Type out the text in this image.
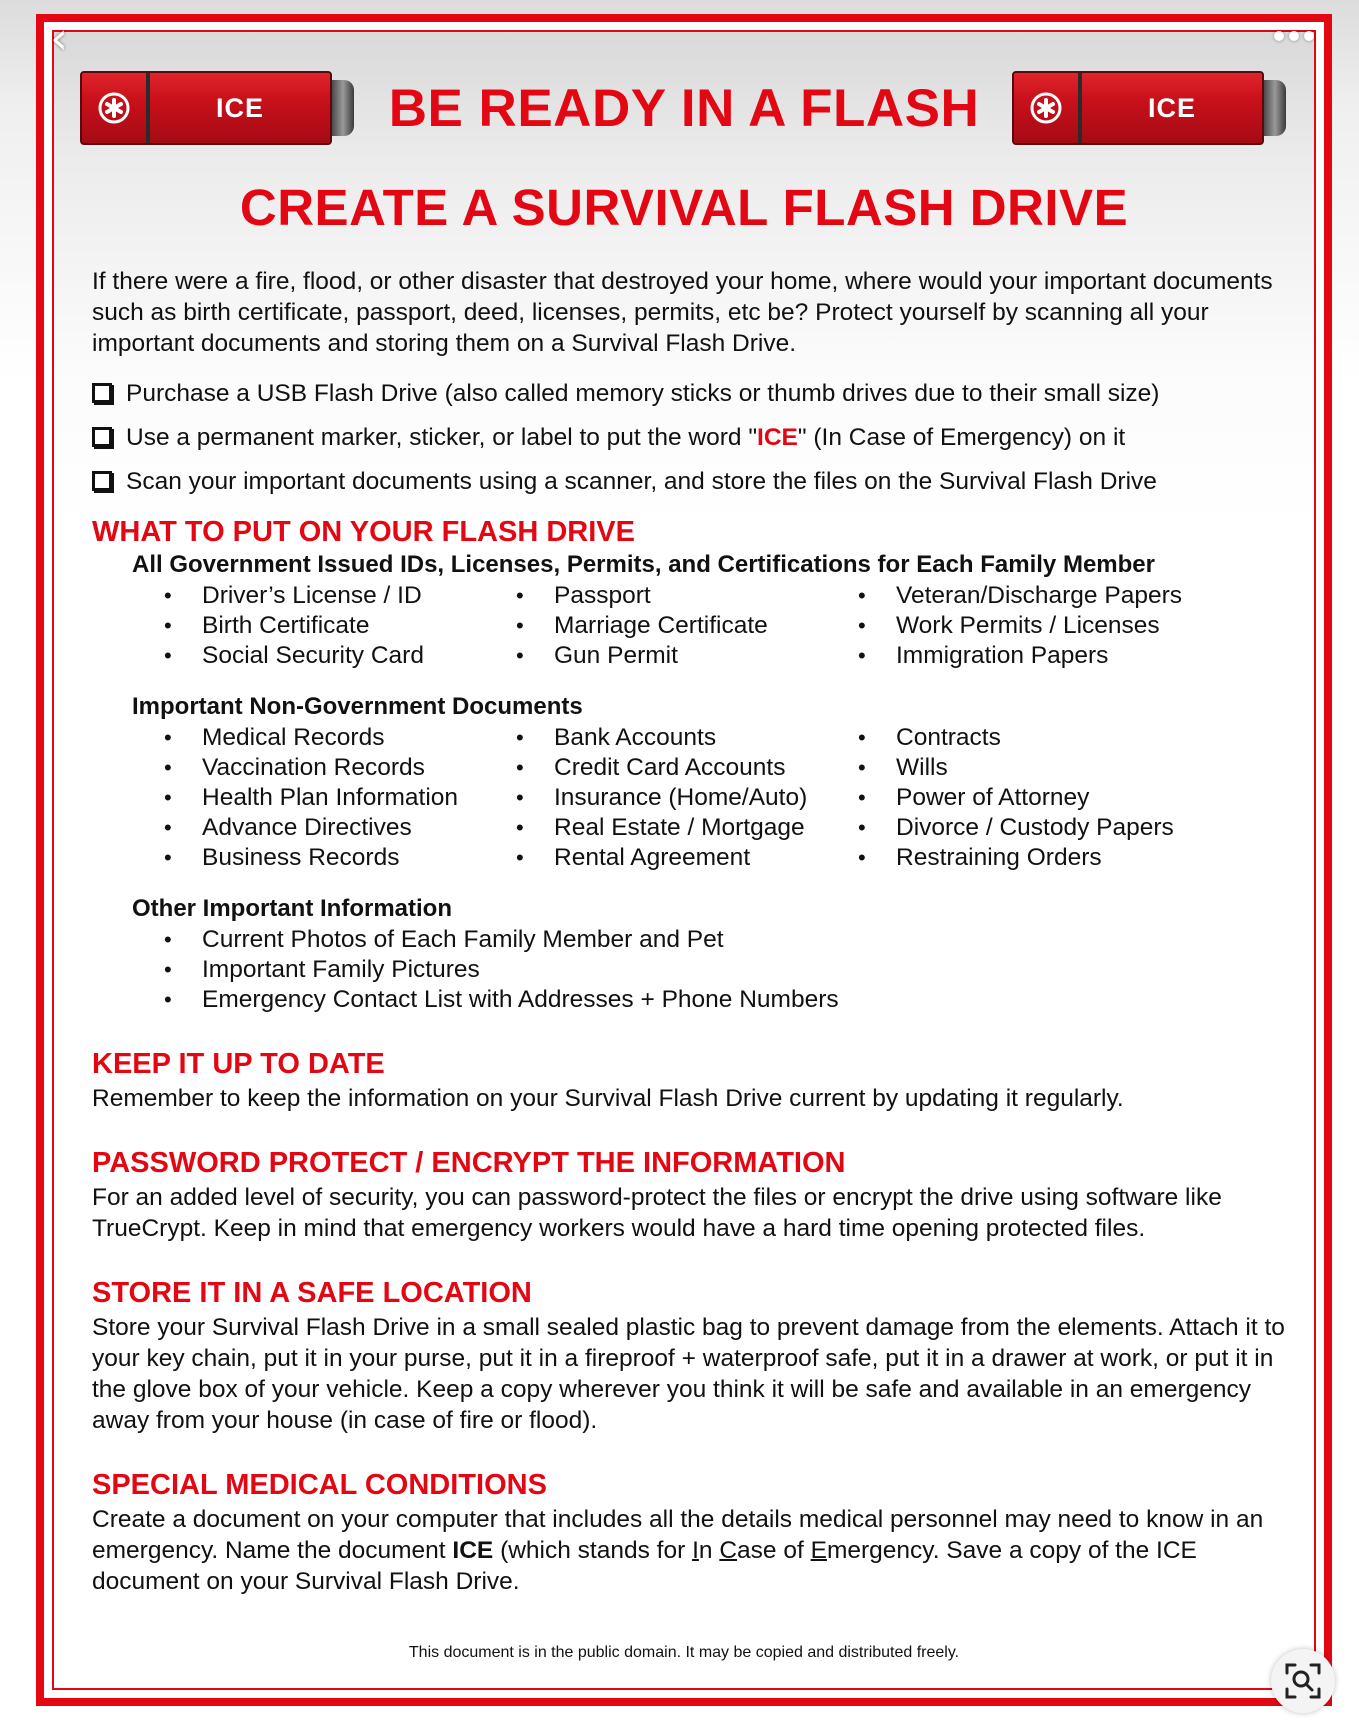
ICE	BE READY IN A FLASH	ICE
CREATE A SURVIVAL FLASH DRIVE

If there were a fire, flood, or other disaster that destroyed your home, where would your important documents such as birth certificate, passport, deed, licenses, permits, etc be? Protect yourself by scanning all your important documents and storing them on a Survival Flash Drive.

Purchase a USB Flash Drive (also called memory sticks or thumb drives due to their small size)
Use a permanent marker, sticker, or label to put the word "ICE" (In Case of Emergency) on it
Scan your important documents using a scanner, and store the files on the Survival Flash Drive
WHAT TO PUT ON YOUR FLASH DRIVE
All Government Issued IDs, Licenses, Permits, and Certifications for Each Family Member
• Driver’s License / ID	• Passport	• Veteran/Discharge Papers
• Birth Certificate	• Marriage Certificate	• Work Permits / Licenses
• Social Security Card	• Gun Permit	• Immigration Papers
Important Non-Government Documents
• Medical Records	• Bank Accounts	• Contracts
• Vaccination Records	• Credit Card Accounts	• Wills
• Health Plan Information	• Insurance (Home/Auto)	• Power of Attorney
• Advance Directives	• Real Estate / Mortgage	• Divorce / Custody Papers
• Business Records	• Rental Agreement	• Restraining Orders
Other Important Information
• Current Photos of Each Family Member and Pet
• Important Family Pictures
• Emergency Contact List with Addresses + Phone Numbers
KEEP IT UP TO DATE

Remember to keep the information on your Survival Flash Drive current by updating it regularly.

PASSWORD PROTECT / ENCRYPT THE INFORMATION

For an added level of security, you can password-protect the files or encrypt the drive using software like TrueCrypt. Keep in mind that emergency workers would have a hard time opening protected files.

STORE IT IN A SAFE LOCATION

Store your Survival Flash Drive in a small sealed plastic bag to prevent damage from the elements. Attach it to your key chain, put it in your purse, put it in a fireproof + waterproof safe, put it in a drawer at work, or put it in the glove box of your vehicle. Keep a copy wherever you think it will be safe and available in an emergency away from your house (in case of fire or flood).

SPECIAL MEDICAL CONDITIONS

Create a document on your computer that includes all the details medical personnel may need to know in an emergency. Name the document ICE (which stands for In Case of Emergency. Save a copy of the ICE document on your Survival Flash Drive.

This document is in the public domain. It may be copied and distributed freely.
‹
